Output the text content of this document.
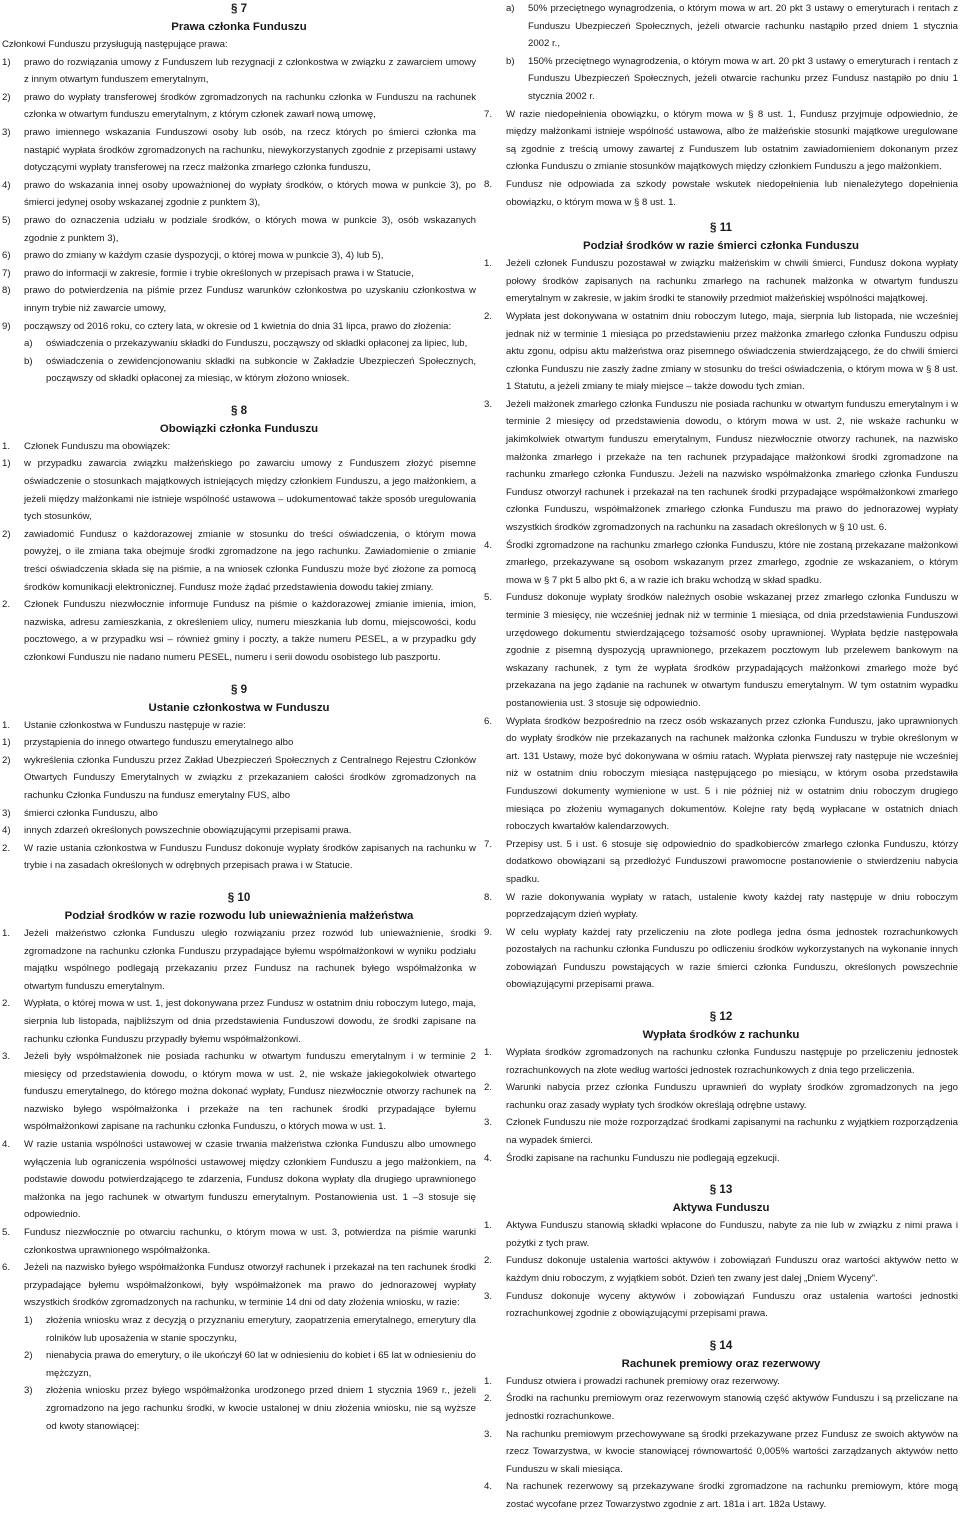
§ 7
Prawa członka Funduszu

Członkowi Funduszu przysługują następujące prawa:

1)	prawo do rozwiązania umowy z Funduszem lub rezygnacji z członkostwa w związku z zawarciem umowy z innym otwartym funduszem emerytalnym,
2)	prawo do wypłaty transferowej środków zgromadzonych na rachunku członka w Funduszu na rachunek członka w otwartym funduszu emerytalnym, z którym członek zawarł nową umowę,
3)	prawo imiennego wskazania Funduszowi osoby lub osób, na rzecz których po śmierci członka ma nastąpić wypłata środków zgromadzonych na rachunku, niewykorzystanych zgodnie z przepisami ustawy dotyczącymi wypłaty transferowej na rzecz małżonka zmarłego członka funduszu,
4)	prawo do wskazania innej osoby upoważnionej do wypłaty środków, o których mowa w punkcie 3), po śmierci jedynej osoby wskazanej zgodnie z punktem 3),
5)	prawo do oznaczenia udziału w podziale środków, o których mowa w punkcie 3), osób wskazanych zgodnie z punktem 3),
6)	prawo do zmiany w każdym czasie dyspozycji, o której mowa w punkcie 3), 4) lub 5),
7)	prawo do informacji w zakresie, formie i trybie określonych w przepisach prawa i w Statucie,
8)	prawo do potwierdzenia na piśmie przez Fundusz warunków członkostwa po uzyskaniu członkostwa w innym trybie niż zawarcie umowy,
9)	począwszy od 2016 roku, co cztery lata, w okresie od 1 kwietnia do dnia 31 lipca, prawo do złożenia:
a)	oświadczenia o przekazywaniu składki do Funduszu, począwszy od składki opłaconej za lipiec, lub,
b)	oświadczenia o zewidencjonowaniu składki na subkoncie w Zakładzie Ubezpieczeń Społecznych, począwszy od składki opłaconej za miesiąc, w którym złożono wniosek.
§ 8
Obowiązki członka Funduszu
1.	Członek Funduszu ma obowiązek:
1)	w przypadku zawarcia związku małżeńskiego po zawarciu umowy z Funduszem złożyć pisemne oświadczenie o stosunkach majątkowych istniejących między członkiem Funduszu, a jego małżonkiem, a jeżeli między małżonkami nie istnieje wspólność ustawowa – udokumentować także sposób uregulowania tych stosunków,
2)	zawiadomić Fundusz o każdorazowej zmianie w stosunku do treści oświadczenia, o którym mowa powyżej, o ile zmiana taka obejmuje środki zgromadzone na jego rachunku. Zawiadomienie o zmianie treści oświadczenia składa się na piśmie, a na wniosek członka Funduszu może być złożone za pomocą środków komunikacji elektronicznej. Fundusz może żądać przedstawienia dowodu takiej zmiany.
2.	Członek Funduszu niezwłocznie informuje Fundusz na piśmie o każdorazowej zmianie imienia, imion, nazwiska, adresu zamieszkania, z określeniem ulicy, numeru mieszkania lub domu, miejscowości, kodu pocztowego, a w przypadku wsi – również gminy i poczty, a także numeru PESEL, a w przypadku gdy członkowi Funduszu nie nadano numeru PESEL, numeru i serii dowodu osobistego lub paszportu.
§ 9
Ustanie członkostwa w Funduszu
1.	Ustanie członkostwa w Funduszu następuje w razie:
1)	przystąpienia do innego otwartego funduszu emerytalnego albo
2)	wykreślenia członka Funduszu przez Zakład Ubezpieczeń Społecznych z Centralnego Rejestru Członków Otwartych Funduszy Emerytalnych w związku z przekazaniem całości środków zgromadzonych na rachunku Członka Funduszu na fundusz emerytalny FUS, albo
3)	śmierci członka Funduszu, albo
4)	innych zdarzeń określonych powszechnie obowiązującymi przepisami prawa.
2.	W razie ustania członkostwa w Funduszu Fundusz dokonuje wypłaty środków zapisanych na rachunku w trybie i na zasadach określonych w odrębnych przepisach prawa i w Statucie.
§ 10
Podział środków w razie rozwodu lub unieważnienia małżeństwa
1.	Jeżeli małżeństwo członka Funduszu uległo rozwiązaniu przez rozwód lub unieważnienie, środki zgromadzone na rachunku członka Funduszu przypadające byłemu współmałżonkowi w wyniku podziału majątku wspólnego podlegają przekazaniu przez Fundusz na rachunek byłego współmałżonka w otwartym funduszu emerytalnym.
2.	Wypłata, o której mowa w ust. 1, jest dokonywana przez Fundusz w ostatnim dniu roboczym lutego, maja, sierpnia lub listopada, najbliższym od dnia przedstawienia Funduszowi dowodu, że środki zapisane na rachunku członka Funduszu przypadły byłemu współmałżonkowi.
3.	Jeżeli były współmałżonek nie posiada rachunku w otwartym funduszu emerytalnym i w terminie 2 miesięcy od przedstawienia dowodu, o którym mowa w ust. 2, nie wskaże jakiegokolwiek otwartego funduszu emerytalnego, do którego można dokonać wypłaty, Fundusz niezwłocznie otworzy rachunek na nazwisko byłego współmałżonka i przekaże na ten rachunek środki przypadające byłemu współmałżonkowi zapisane na rachunku członka Funduszu, o których mowa w ust. 1.
4.	W razie ustania wspólności ustawowej w czasie trwania małżeństwa członka Funduszu albo umownego wyłączenia lub ograniczenia wspólności ustawowej między członkiem Funduszu a jego małżonkiem, na podstawie dowodu potwierdzającego te zdarzenia, Fundusz dokona wypłaty dla drugiego uprawnionego małżonka na jego rachunek w otwartym funduszu emerytalnym. Postanowienia ust. 1 –3 stosuje się odpowiednio.
5.	Fundusz niezwłocznie po otwarciu rachunku, o którym mowa w ust. 3, potwierdza na piśmie warunki członkostwa uprawnionego współmałżonka.
6.	Jeżeli na nazwisko byłego współmałżonka Fundusz otworzył rachunek i przekazał na ten rachunek środki przypadające byłemu współmałżonkowi, były współmałżonek ma prawo do jednorazowej wypłaty wszystkich środków zgromadzonych na rachunku, w terminie 14 dni od daty złożenia wniosku, w razie:
1)	złożenia wniosku wraz z decyzją o przyznaniu emerytury, zaopatrzenia emerytalnego, emerytury dla rolników lub uposażenia w stanie spoczynku,
2)	nienabycia prawa do emerytury, o ile ukończył 60 lat w odniesieniu do kobiet i 65 lat w odniesieniu do mężczyzn,
3)	złożenia wniosku przez byłego współmałżonka urodzonego przed dniem 1 stycznia 1969 r., jeżeli zgromadzono na jego rachunku środki, w kwocie ustalonej w dniu złożenia wniosku, nie są wyższe od kwoty stanowiącej:
a)	50% przeciętnego wynagrodzenia, o którym mowa w art. 20 pkt 3 ustawy o emeryturach i rentach z Funduszu Ubezpieczeń Społecznych, jeżeli otwarcie rachunku nastąpiło przed dniem 1 stycznia 2002 r.,
b)	150% przeciętnego wynagrodzenia, o którym mowa w art. 20 pkt 3 ustawy o emeryturach i rentach z Funduszu Ubezpieczeń Społecznych, jeżeli otwarcie rachunku przez Fundusz nastąpiło po dniu 1 stycznia 2002 r.
7.	W razie niedopełnienia obowiązku, o którym mowa w § 8 ust. 1, Fundusz przyjmuje odpowiednio, że między małżonkami istnieje wspólność ustawowa, albo że małżeńskie stosunki majątkowe uregulowane są zgodnie z treścią umowy zawartej z Funduszem lub ostatnim zawiadomieniem dokonanym przez członka Funduszu o zmianie stosunków majątkowych między członkiem Funduszu a jego małżonkiem.
8.	Fundusz nie odpowiada za szkody powstałe wskutek niedopełnienia lub nienależytego dopełnienia obowiązku, o którym mowa w § 8 ust. 1.
§ 11
Podział środków w razie śmierci członka Funduszu
1.	Jeżeli członek Funduszu pozostawał w związku małżeńskim w chwili śmierci, Fundusz dokona wypłaty połowy środków zapisanych na rachunku zmarłego na rachunek małżonka w otwartym funduszu emerytalnym w zakresie, w jakim środki te stanowiły przedmiot małżeńskiej wspólności majątkowej.
2.	Wypłata jest dokonywana w ostatnim dniu roboczym lutego, maja, sierpnia lub listopada, nie wcześniej jednak niż w terminie 1 miesiąca po przedstawieniu przez małżonka zmarłego członka Funduszu odpisu aktu zgonu, odpisu aktu małżeństwa oraz pisemnego oświadczenia stwierdzającego, że do chwili śmierci członka Funduszu nie zaszły żadne zmiany w stosunku do treści oświadczenia, o którym mowa w § 8 ust. 1 Statutu, a jeżeli zmiany te miały miejsce – także dowodu tych zmian.
3.	Jeżeli małżonek zmarłego członka Funduszu nie posiada rachunku w otwartym funduszu emerytalnym i w terminie 2 miesięcy od przedstawienia dowodu, o którym mowa w ust. 2, nie wskaże rachunku w jakimkolwiek otwartym funduszu emerytalnym, Fundusz niezwłocznie otworzy rachunek, na nazwisko małżonka zmarłego i przekaże na ten rachunek przypadające małżonkowi środki zgromadzone na rachunku zmarłego członka Funduszu. Jeżeli na nazwisko współmałżonka zmarłego członka Funduszu Fundusz otworzył rachunek i przekazał na ten rachunek środki przypadające współmałżonkowi zmarłego członka Funduszu, współmałżonek zmarłego członka Funduszu ma prawo do jednorazowej wypłaty wszystkich środków zgromadzonych na rachunku na zasadach określonych w § 10 ust. 6.
4.	Środki zgromadzone na rachunku zmarłego członka Funduszu, które nie zostaną przekazane małżonkowi zmarłego, przekazywane są osobom wskazanym przez zmarłego, zgodnie ze wskazaniem, o którym mowa w § 7 pkt 5 albo pkt 6, a w razie ich braku wchodzą w skład spadku.
5.	Fundusz dokonuje wypłaty środków należnych osobie wskazanej przez zmarłego członka Funduszu w terminie 3 miesięcy, nie wcześniej jednak niż w terminie 1 miesiąca, od dnia przedstawienia Funduszowi urzędowego dokumentu stwierdzającego tożsamość osoby uprawnionej. Wypłata będzie następowała zgodnie z pisemną dyspozycją uprawnionego, przekazem pocztowym lub przelewem bankowym na wskazany rachunek, z tym że wypłata środków przypadających małżonkowi zmarłego może być przekazana na jego żądanie na rachunek w otwartym funduszu emerytalnym. W tym ostatnim wypadku postanowienia ust. 3 stosuje się odpowiednio.
6.	Wypłata środków bezpośrednio na rzecz osób wskazanych przez członka Funduszu, jako uprawnionych do wypłaty środków nie przekazanych na rachunek małżonka członka Funduszu w trybie określonym w art. 131 Ustawy, może być dokonywana w ośmiu ratach. Wypłata pierwszej raty następuje nie wcześniej niż w ostatnim dniu roboczym miesiąca następującego po miesiącu, w którym osoba przedstawiła Funduszowi dokumenty wymienione w ust. 5 i nie później niż w ostatnim dniu roboczym drugiego miesiąca po złożeniu wymaganych dokumentów. Kolejne raty będą wypłacane w ostatnich dniach roboczych kwartałów kalendarzowych.
7.	Przepisy ust. 5 i ust. 6 stosuje się odpowiednio do spadkobierców zmarłego członka Funduszu, którzy dodatkowo obowiązani są przedłożyć Funduszowi prawomocne postanowienie o stwierdzeniu nabycia spadku.
8.	W razie dokonywania wypłaty w ratach, ustalenie kwoty każdej raty następuje w dniu roboczym poprzedzającym dzień wypłaty.
9.	W celu wypłaty każdej raty przeliczeniu na złote podlega jedna ósma jednostek rozrachunkowych pozostałych na rachunku członka Funduszu po odliczeniu środków wykorzystanych na wykonanie innych zobowiązań Funduszu powstających w razie śmierci członka Funduszu, określonych powszechnie obowiązującymi przepisami prawa.
§ 12
Wypłata środków z rachunku
1.	Wypłata środków zgromadzonych na rachunku członka Funduszu następuje po przeliczeniu jednostek rozrachunkowych na złote według wartości jednostek rozrachunkowych z dnia tego przeliczenia.
2.	Warunki nabycia przez członka Funduszu uprawnień do wypłaty środków zgromadzonych na jego rachunku oraz zasady wypłaty tych środków określają odrębne ustawy.
3.	Członek Funduszu nie może rozporządzać środkami zapisanymi na rachunku z wyjątkiem rozporządzenia na wypadek śmierci.
4.	Środki zapisane na rachunku Funduszu nie podlegają egzekucji.
§ 13
Aktywa Funduszu
1.	Aktywa Funduszu stanowią składki wpłacone do Funduszu, nabyte za nie lub w związku z nimi prawa i pożytki z tych praw.
2.	Fundusz dokonuje ustalenia wartości aktywów i zobowiązań Funduszu oraz wartości aktywów netto w każdym dniu roboczym, z wyjątkiem sobót. Dzień ten zwany jest dalej „Dniem Wyceny".
3.	Fundusz dokonuje wyceny aktywów i zobowiązań Funduszu oraz ustalenia wartości jednostki rozrachunkowej zgodnie z obowiązującymi przepisami prawa.
§ 14
Rachunek premiowy oraz rezerwowy
1.	Fundusz otwiera i prowadzi rachunek premiowy oraz rezerwowy.
2.	Środki na rachunku premiowym oraz rezerwowym stanowią część aktywów Funduszu i są przeliczane na jednostki rozrachunkowe.
3.	Na rachunku premiowym przechowywane są środki przekazywane przez Fundusz ze swoich aktywów na rzecz Towarzystwa, w kwocie stanowiącej równowartość 0,005% wartości zarządzanych aktywów netto Funduszu w skali miesiąca.
4.	Na rachunek rezerwowy są przekazywane środki zgromadzone na rachunku premiowym, które mogą zostać wycofane przez Towarzystwo zgodnie z art. 181a i art. 182a Ustawy.
